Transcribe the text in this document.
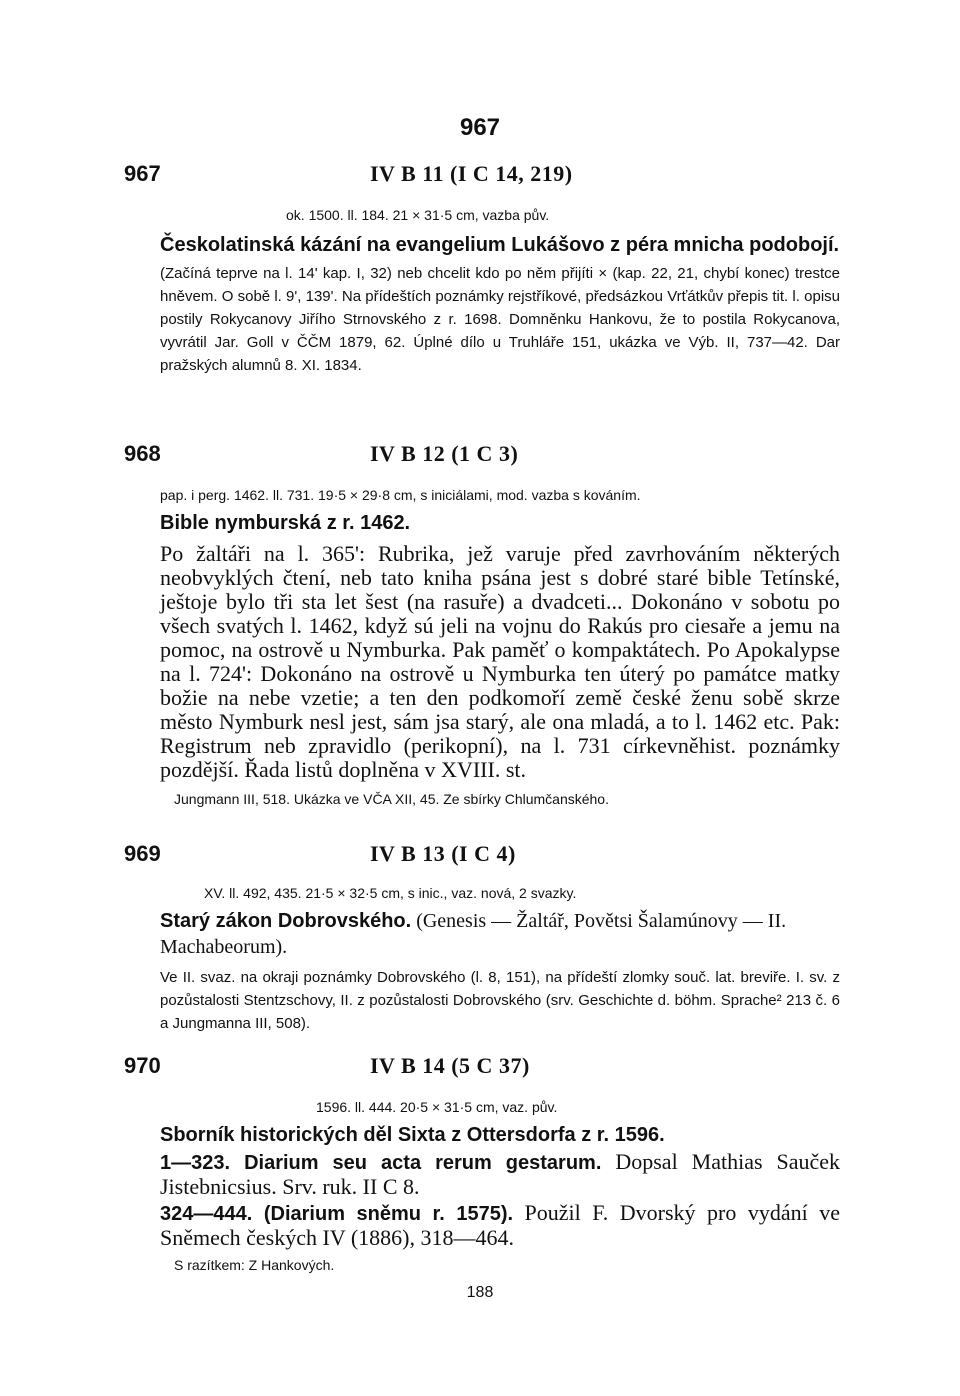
967
967	IV B 11 (I C 14, 219)
ok. 1500. ll. 184. 21 × 31·5 cm, vazba pův.
Českolatinská kázání na evangelium Lukášovo z péra mnicha podobojí.
(Začíná teprve na l. 14' kap. I, 32) neb chcelit kdo po něm přijíti × (kap. 22, 21, chybí konec) trestce hněvem. O sobě l. 9', 139'. Na přídeštích poznámky rejstříkové, předsázkou Vrťátkův přepis tit. l. opisu postily Rokycanovy Jiřího Strnovského z r. 1698. Domněnku Hankovu, že to postila Rokycanova, vyvrátil Jar. Goll v ČČM 1879, 62. Úplné dílo u Truhláře 151, ukázka ve Výb. II, 737—42. Dar pražských alumnů 8. XI. 1834.
968	IV B 12 (1 C 3)
pap. i perg. 1462. ll. 731. 19·5 × 29·8 cm, s iniciálami, mod. vazba s kováním.
Bible nymburská z r. 1462.
Po žaltáři na l. 365': Rubrika, jež varuje před zavrhováním některých neobvyklých čtení, neb tato kniha psána jest s dobré staré bible Tetínské, ještoje bylo tři sta let šest (na rasuře) a dvadceti... Dokonáno v sobotu po všech svatých l. 1462, když sú jeli na vojnu do Rakús pro ciesaře a jemu na pomoc, na ostrově u Nymburka. Pak paměť o kompaktátech. Po Apokalypse na l. 724': Dokonáno na ostrově u Nymburka ten úterý po památce matky božie na nebe vzetie; a ten den podkomoří země české ženu sobě skrze město Nymburk nesl jest, sám jsa starý, ale ona mladá, a to l. 1462 etc. Pak: Registrum neb zpravidlo (perikopní), na l. 731 církevněhist. poznámky pozdější. Řada listů doplněna v XVIII. st.
Jungmann III, 518. Ukázka ve VČA XII, 45. Ze sbírky Chlumčanského.
969	IV B 13 (I C 4)
XV. ll. 492, 435. 21·5 × 32·5 cm, s inic., vaz. nová, 2 svazky.
Starý zákon Dobrovského. (Genesis — Žaltář, Povětsi Šalamúnovy — II. Machabeorum).
Ve II. svaz. na okraji poznámky Dobrovského (l. 8, 151), na přídeští zlomky souč. lat. breviře. I. sv. z pozůstalosti Stentzschovy, II. z pozůstalosti Dobrovského (srv. Geschichte d. böhm. Sprache² 213 č. 6 a Jungmanna III, 508).
970	IV B 14 (5 C 37)
1596. ll. 444. 20·5 × 31·5 cm, vaz. pův.
Sborník historických děl Sixta z Ottersdorfa z r. 1596.
1—323. Diarium seu acta rerum gestarum. Dopsal Mathias Sauček Jistebnicsius. Srv. ruk. II C 8.
324—444. (Diarium sněmu r. 1575). Použil F. Dvorský pro vydání ve Sněmech českých IV (1886), 318—464.
S razítkem: Z Hankových.
188
